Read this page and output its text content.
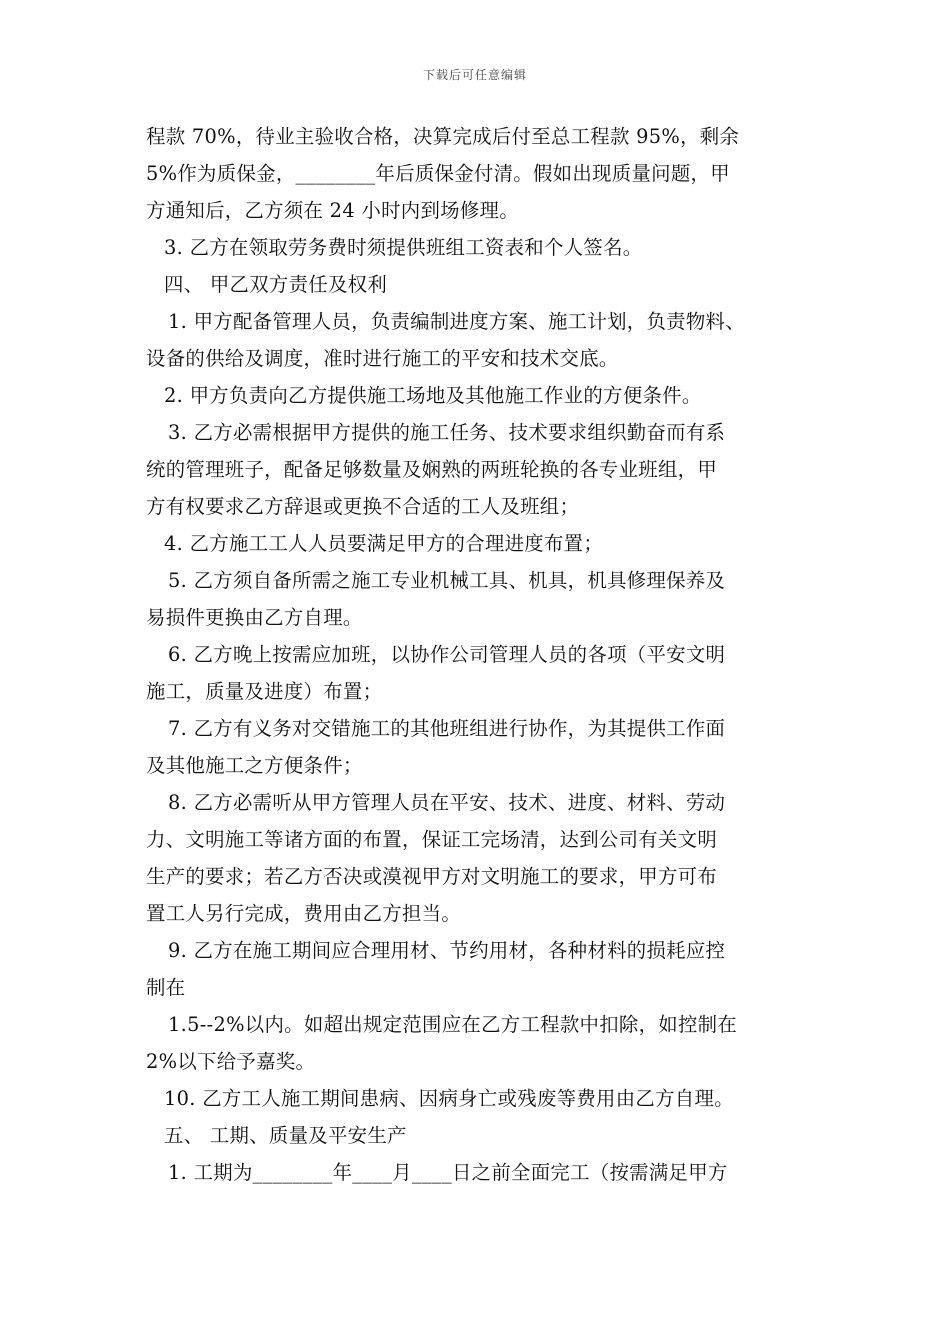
下载后可任意编辑
程款 70%，待业主验收合格，决算完成后付至总工程款 95%，剩余
5%作为质保金，________年后质保金付清。假如出现质量问题，甲
方通知后，乙方须在 24 小时内到场修理。
3. 乙方在领取劳务费时须提供班组工资表和个人签名。
四、 甲乙双方责任及权利
1. 甲方配备管理人员，负责编制进度方案、施工计划，负责物料、
设备的供给及调度，准时进行施工的平安和技术交底。
2. 甲方负责向乙方提供施工场地及其他施工作业的方便条件。
3. 乙方必需根据甲方提供的施工任务、技术要求组织勤奋而有系
统的管理班子，配备足够数量及娴熟的两班轮换的各专业班组，甲
方有权要求乙方辞退或更换不合适的工人及班组；
4. 乙方施工工人人员要满足甲方的合理进度布置；
5. 乙方须自备所需之施工专业机械工具、机具，机具修理保养及
易损件更换由乙方自理。
6. 乙方晚上按需应加班，以协作公司管理人员的各项（平安文明
施工，质量及进度）布置；
7. 乙方有义务对交错施工的其他班组进行协作，为其提供工作面
及其他施工之方便条件；
8. 乙方必需听从甲方管理人员在平安、技术、进度、材料、劳动
力、文明施工等诸方面的布置，保证工完场清，达到公司有关文明
生产的要求；若乙方否决或漠视甲方对文明施工的要求，甲方可布
置工人另行完成，费用由乙方担当。
9. 乙方在施工期间应合理用材、节约用材，各种材料的损耗应控
制在
1.5--2%以内。如超出规定范围应在乙方工程款中扣除，如控制在
2%以下给予嘉奖。
10. 乙方工人施工期间患病、因病身亡或残废等费用由乙方自理。
五、 工期、质量及平安生产
1. 工期为________年____月____日之前全面完工（按需满足甲方
